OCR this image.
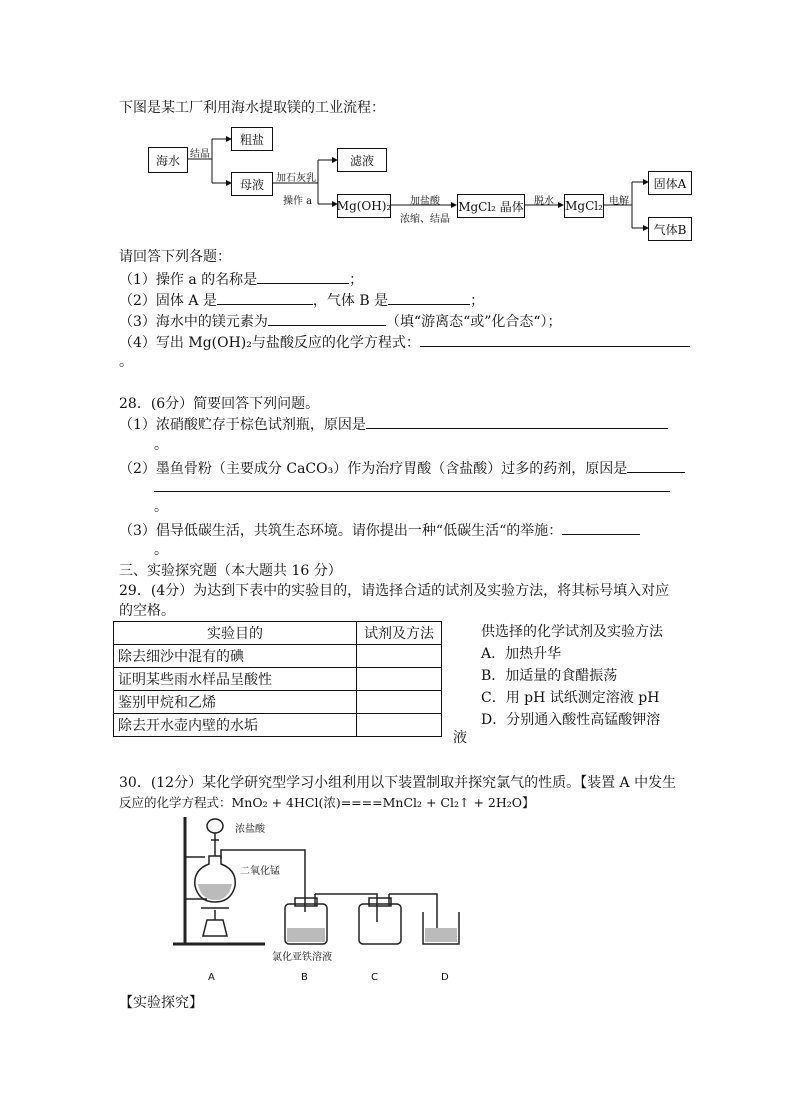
下图是某工厂利用海水提取镁的工业流程：
海水
粗盐
母液
滤液
Mg(OH)₂	MgCl₂ 晶体	MgCl₂
固体A
气体B
结晶
加石灰乳
操作 a	加盐酸
浓缩、结晶
脱水	电解
请回答下列各题：
（1）操作 a 的名称是	；
（2）固体 A 是	，气体 B 是	；
（3）海水中的镁元素为	（填“游离态“或”化合态“）；
（4）写出 Mg(OH)₂与盐酸反应的化学方程式：
。
28．(6分）简要回答下列问题。
（1）浓硝酸贮存于棕色试剂瓶，原因是
。
（2）墨鱼骨粉（主要成分 CaCO₃）作为治疗胃酸（含盐酸）过多的药剂，原因是
。
（3）倡导低碳生活，共筑生态环境。请你提出一种“低碳生活“的举施：
。
三、实验探究题（本大题共 16 分）
29．(4分）为达到下表中的实验目的，请选择合适的试剂及实验方法，将其标号填入对应
的空格。
实验目的	试剂及方法
除去细沙中混有的碘	
证明某些雨水样品呈酸性	
鉴别甲烷和乙烯	
除去开水壶内壁的水垢	
供选择的化学试剂及实验方法
A．加热升华
B．加适量的食醋振荡
C．用 pH 试纸测定溶液 pH
D．分别通入酸性高锰酸钾溶
液
30．(12分）某化学研究型学习小组利用以下装置制取并探究氯气的性质。【装置 A 中发生
反应的化学方程式：MnO₂ + 4HCl(浓)====MnCl₂ + Cl₂↑ + 2H₂O】
浓盐酸
二氧化锰
氯化亚铁溶液
A	B	C	D
【实验探究】
